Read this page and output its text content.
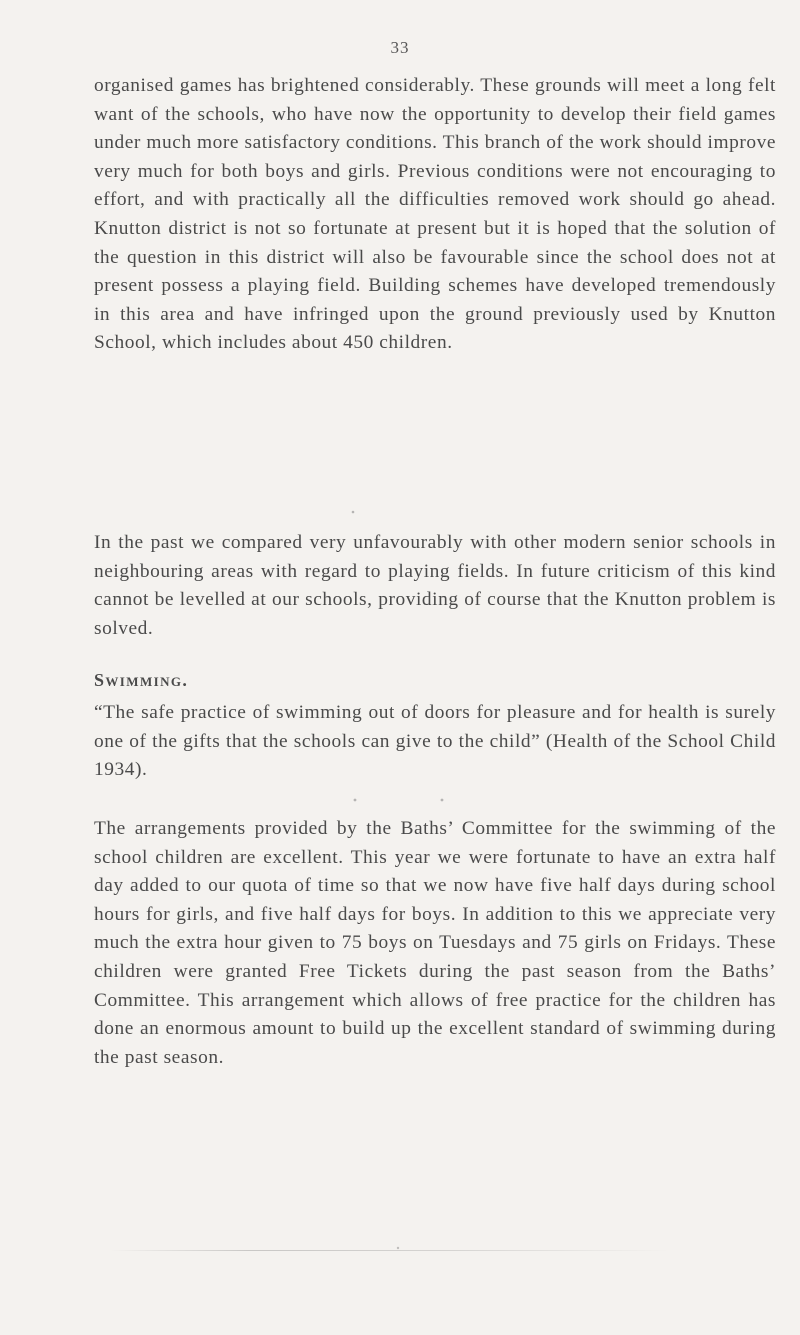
33

organised games has brightened considerably. These grounds will meet a long felt want of the schools, who have now the opportunity to develop their field games under much more satisfactory conditions. This branch of the work should improve very much for both boys and girls. Previous conditions were not encouraging to effort, and with practically all the difficulties removed work should go ahead. Knutton district is not so fortunate at present but it is hoped that the solution of the question in this district will also be favourable since the school does not at present possess a playing field. Building schemes have developed tremendously in this area and have infringed upon the ground previously used by Knutton School, which includes about 450 children.

In the past we compared very unfavourably with other modern senior schools in neighbouring areas with regard to playing fields. In future criticism of this kind cannot be levelled at our schools, providing of course that the Knutton problem is solved.

Swimming.

“The safe practice of swimming out of doors for pleasure and for health is surely one of the gifts that the schools can give to the child” (Health of the School Child 1934).

The arrangements provided by the Baths’ Committee for the swimming of the school children are excellent. This year we were fortunate to have an extra half day added to our quota of time so that we now have five half days during school hours for girls, and five half days for boys. In addition to this we appreciate very much the extra hour given to 75 boys on Tuesdays and 75 girls on Fridays. These children were granted Free Tickets during the past season from the Baths’ Committee. This arrangement which allows of free practice for the children has done an enormous amount to build up the excellent standard of swimming during the past season.
